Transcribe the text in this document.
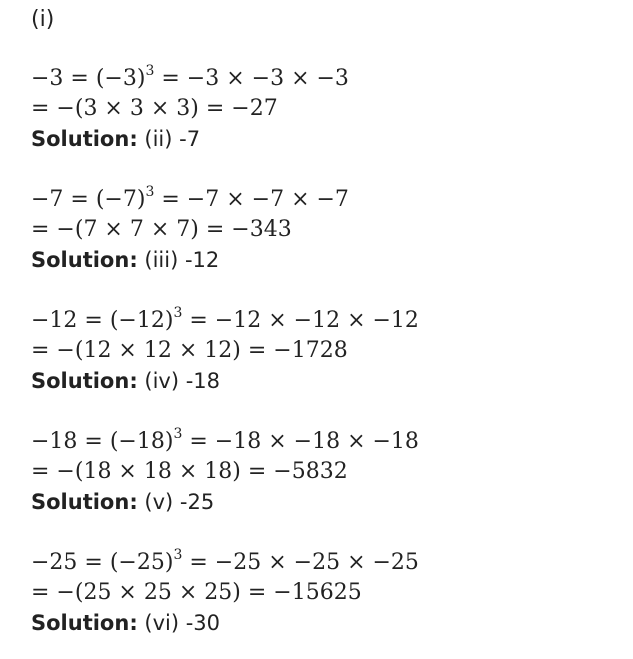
(i)
$-3 = (-3)^3 = -3 \times -3 \times -3$
= −(3 × 3 × 3) = −27
Solution: (ii) -7
$-7 = (-7)^3 = -7 \times -7 \times -7$
= −(7 × 7 × 7) = −343
Solution: (iii) -12
$-12 = (-12)^3 = -12 \times -12 \times -12$
= −(12 × 12 × 12) = −1728
Solution: (iv) -18
$-18 = (-18)^3 = -18 \times -18 \times -18$
= −(18 × 18 × 18) = −5832
Solution: (v) -25
$-25 = (-25)^3 = -25 \times -25 \times -25$
= −(25 × 25 × 25) = −15625
Solution: (vi) -30
